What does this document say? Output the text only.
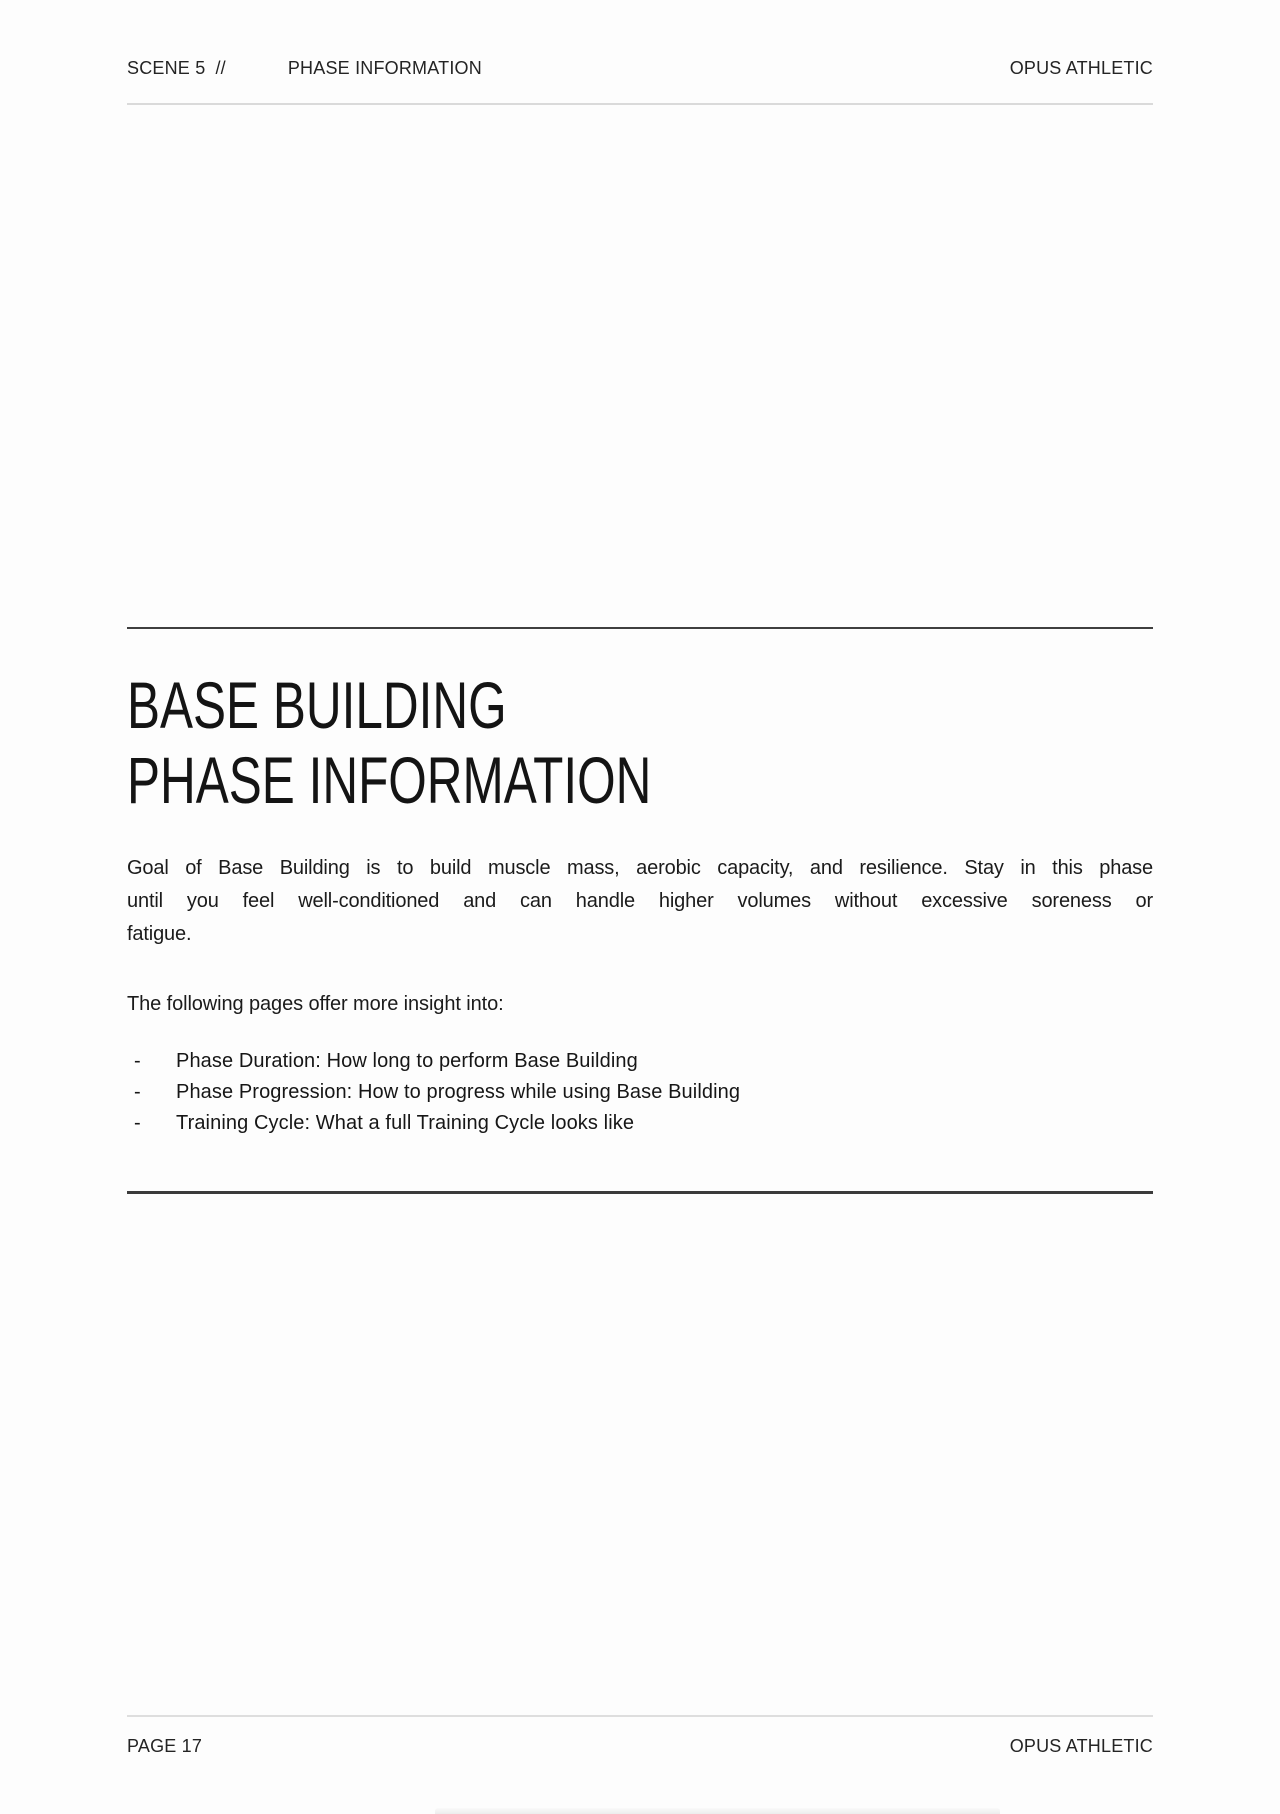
SCENE 5 //	PHASE INFORMATION	OPUS ATHLETIC
BASE BUILDING
PHASE INFORMATION
Goal of Base Building is to build muscle mass, aerobic capacity, and resilience. Stay in this phase
until you feel well-conditioned and can handle higher volumes without excessive soreness or
fatigue.
The following pages offer more insight into:
- Phase Duration: How long to perform Base Building
- Phase Progression: How to progress while using Base Building
- Training Cycle: What a full Training Cycle looks like
PAGE 17	OPUS ATHLETIC
